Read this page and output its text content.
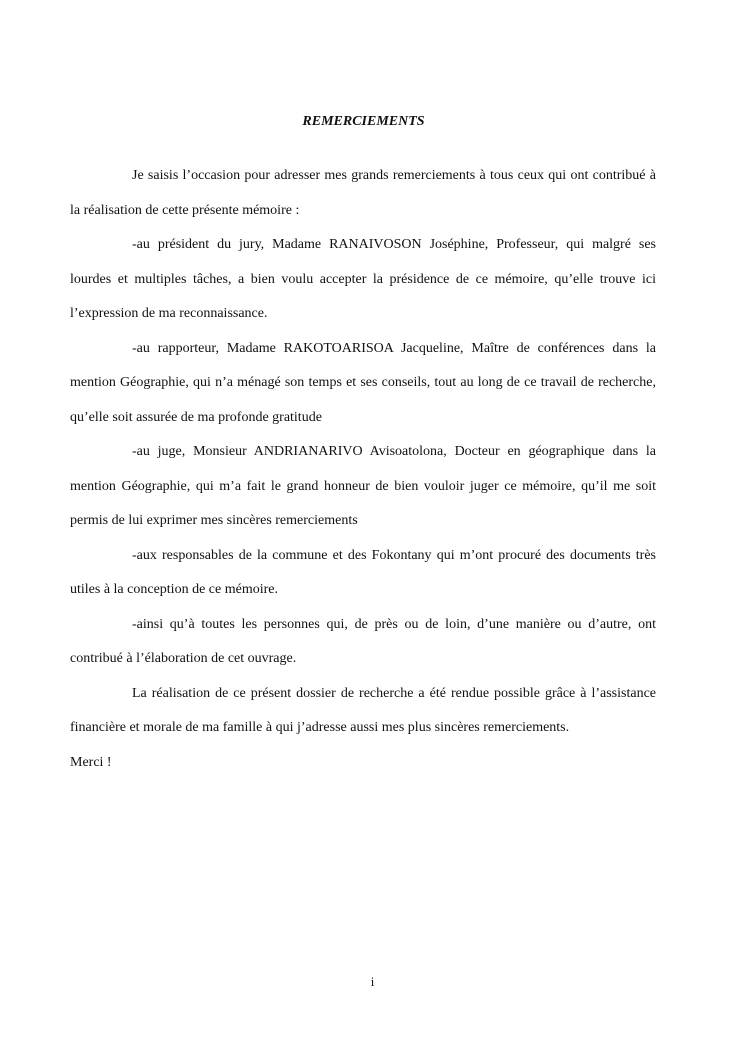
REMERCIEMENTS

Je saisis l’occasion pour adresser mes grands remerciements à tous ceux qui ont contribué à la réalisation de cette présente mémoire :

-au président du jury, Madame RANAIVOSON Joséphine, Professeur, qui malgré ses lourdes et multiples tâches, a bien voulu accepter la présidence de ce mémoire, qu’elle trouve ici l’expression de ma reconnaissance.

-au rapporteur, Madame RAKOTOARISOA Jacqueline, Maître de conférences dans la mention Géographie, qui n’a ménagé son temps et ses conseils, tout au long de ce travail de recherche, qu’elle soit assurée de ma profonde gratitude

-au juge, Monsieur ANDRIANARIVO Avisoatolona, Docteur en géographique dans la mention Géographie, qui m’a fait le grand honneur de bien vouloir juger ce mémoire, qu’il me soit permis de lui exprimer mes sincères remerciements

-aux responsables de la commune et des Fokontany qui m’ont procuré des documents très utiles à la conception de ce mémoire.

-ainsi qu’à toutes les personnes qui, de près ou de loin, d’une manière ou d’autre, ont contribué à l’élaboration de cet ouvrage.

La réalisation de ce présent dossier de recherche a été rendue possible grâce à l’assistance financière et morale de ma famille à qui j’adresse aussi mes plus sincères remerciements.

Merci !

i
